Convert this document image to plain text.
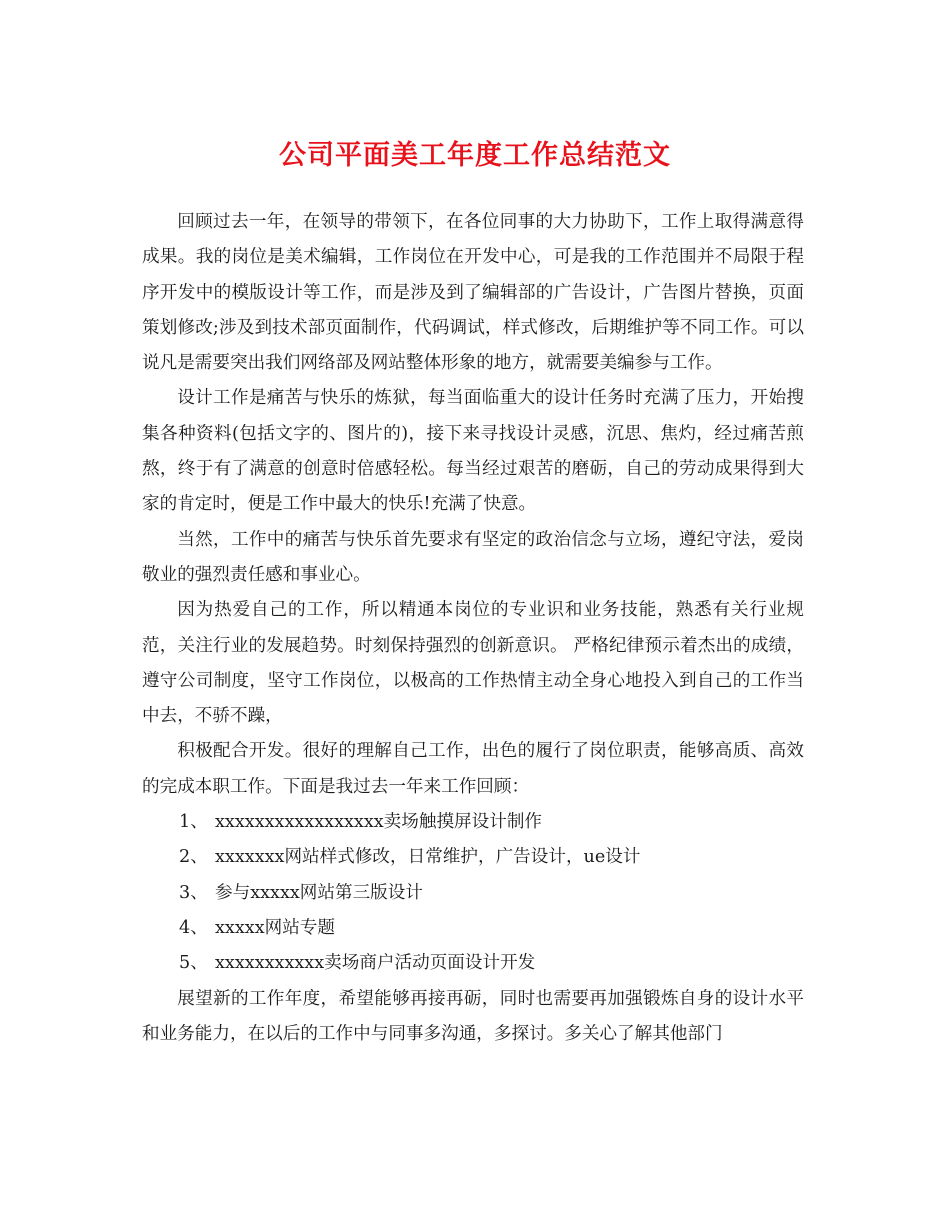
公司平面美工年度工作总结范文

回顾过去一年，在领导的带领下，在各位同事的大力协助下，工作上取得满意得成果。我的岗位是美术编辑，工作岗位在开发中心，可是我的工作范围并不局限于程序开发中的模版设计等工作，而是涉及到了编辑部的广告设计，广告图片替换，页面策划修改;涉及到技术部页面制作，代码调试，样式修改，后期维护等不同工作。可以说凡是需要突出我们网络部及网站整体形象的地方，就需要美编参与工作。

设计工作是痛苦与快乐的炼狱，每当面临重大的设计任务时充满了压力，开始搜集各种资料(包括文字的、图片的)，接下来寻找设计灵感，沉思、焦灼，经过痛苦煎熬，终于有了满意的创意时倍感轻松。每当经过艰苦的磨砺，自己的劳动成果得到大家的肯定时，便是工作中最大的快乐!充满了快意。

当然，工作中的痛苦与快乐首先要求有坚定的政治信念与立场，遵纪守法，爱岗敬业的强烈责任感和事业心。

因为热爱自己的工作，所以精通本岗位的专业识和业务技能，熟悉有关行业规范，关注行业的发展趋势。时刻保持强烈的创新意识。 严格纪律预示着杰出的成绩，遵守公司制度，坚守工作岗位，以极高的工作热情主动全身心地投入到自己的工作当中去，不骄不躁，

积极配合开发。很好的理解自己工作，出色的履行了岗位职责，能够高质、高效的完成本职工作。下面是我过去一年来工作回顾：

1、 xxxxxxxxxxxxxxxxx卖场触摸屏设计制作

2、 xxxxxxx网站样式修改，日常维护，广告设计，ue设计

3、 参与xxxxx网站第三版设计

4、 xxxxx网站专题

5、 xxxxxxxxxxx卖场商户活动页面设计开发

展望新的工作年度，希望能够再接再砺，同时也需要再加强锻炼自身的设计水平和业务能力，在以后的工作中与同事多沟通，多探讨。多关心了解其他部门
